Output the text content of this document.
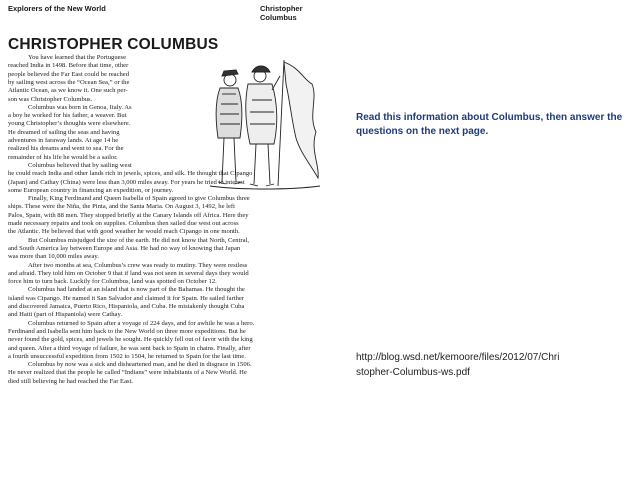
Explorers of the New World	Christopher Columbus
CHRISTOPHER COLUMBUS
You have learned that the Portuguese
reached India in 1498. Before that time, other
people believed the Far East could be reached
by sailing west across the “Ocean Sea,” or the
Atlantic Ocean, as we know it. One such per-
son was Christopher Columbus.
Columbus was born in Genoa, Italy. As
a boy he worked for his father, a weaver. But
young Christopher’s thoughts were elsewhere.
He dreamed of sailing the seas and having
adventures in faraway lands. At age 14 he
realized his dreams and went to sea. For the
remainder of his life he would be a sailor.
Columbus believed that by sailing west
he could reach India and other lands rich in jewels, spices, and silk. He thought that Cipango
(Japan) and Cathay (China) were less than 3,000 miles away. For years he tried to interest
some European country in financing an expedition, or journey.
Finally, King Ferdinand and Queen Isabella of Spain agreed to give Columbus three
ships. These were the Niña, the Pinta, and the Santa Maria. On August 3, 1492, he left
Palos, Spain, with 88 men. They stopped briefly at the Canary Islands off Africa. Here they
made necessary repairs and took on supplies. Columbus then sailed due west out across
the Atlantic. He believed that with good weather he would reach Cipango in one month.
But Columbus misjudged the size of the earth. He did not know that North, Central,
and South America lay between Europe and Asia. He had no way of knowing that Japan
was more than 10,000 miles away.
After two months at sea, Columbus’s crew was ready to mutiny. They were restless
and afraid. They told him on October 9 that if land was not seen in several days they would
force him to turn back. Luckily for Columbus, land was spotted on October 12.
Columbus had landed at an island that is now part of the Bahamas. He thought the
island was Cipango. He named it San Salvador and claimed it for Spain. He sailed farther
and discovered Jamaica, Puerto Rico, Hispaniola, and Cuba. He mistakenly thought Cuba
and Haiti (part of Hispaniola) were Cathay.
Columbus returned to Spain after a voyage of 224 days, and for awhile he was a hero.
Ferdinand and Isabella sent him back to the New World on three more expeditions. But he
never found the gold, spices, and jewels he sought. He quickly fell out of favor with the king
and queen. After a third voyage of failure, he was sent back to Spain in chains. Finally, after
a fourth unsuccessful expedition from 1502 to 1504, he returned to Spain for the last time.
Columbus by now was a sick and disheartened man, and he died in disgrace in 1506.
He never realized that the people he called “Indians” were inhabitants of a New World. He
died still believing he had reached the Far East.
Read this information about Columbus, then answer the questions on the next page.
http://blog.wsd.net/kemoore/files/2012/07/Chri
stopher-Columbus-ws.pdf
